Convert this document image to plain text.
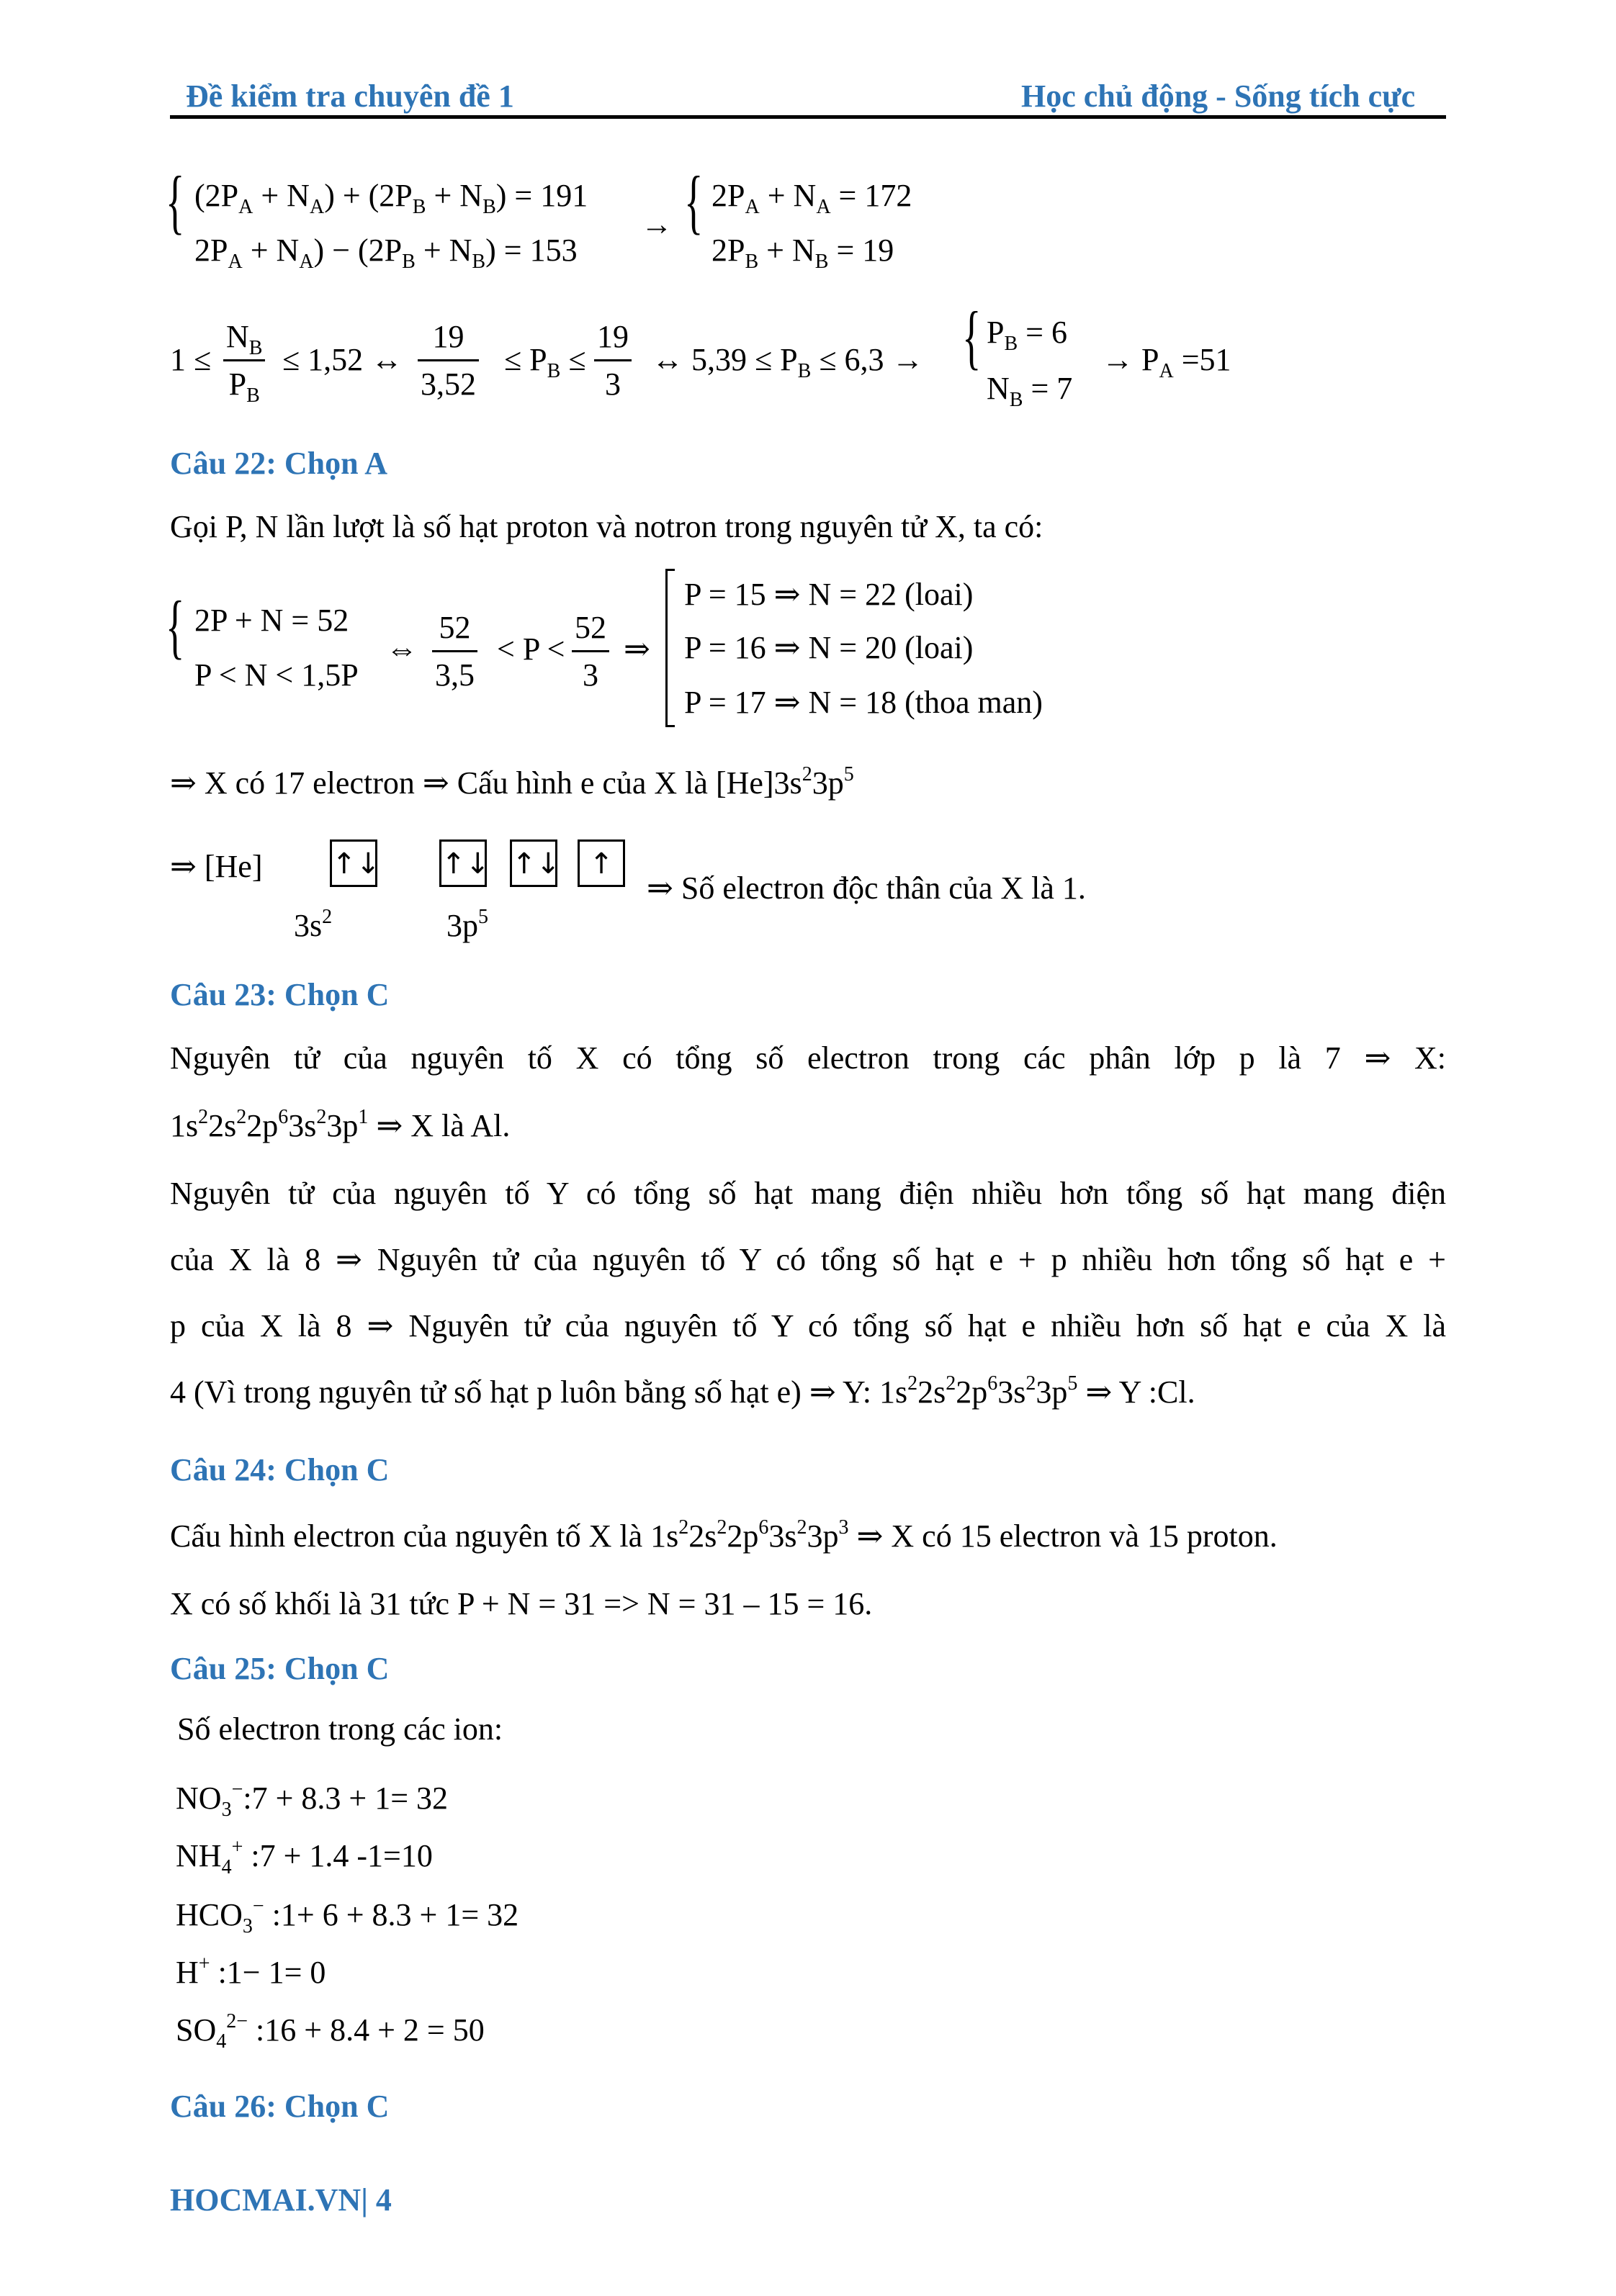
Đề kiểm tra chuyên đề 1	Học chủ động - Sống tích cực
{ $(2P_A + N_A) + (2P_B + N_B) = 191$
$2P_A + N_A) - (2P_B + N_B) = 153$
→ { $2P_A + N_A = 172$
$2P_B + N_B = 19$
1 ≤
$N_B$
$P_B$
≤ 1,52 ↔
19
3,52
≤ $P_B$ ≤
19
3
↔ $5,39 \le P_B \le 6,3$ → { $P_B = 6$
$N_B = 7$
→ $P_A =51$
Câu 22: Chọn A
Gọi P, N lần lượt là số hạt proton và notron trong nguyên tử X, ta có:
{ 2P + N = 52
P < N < 1,5P
⇔
52
3,5
< P <
52
3
⇒
P = 15 ⇒ N = 22 (loai)
P = 16 ⇒ N = 20 (loai)
P = 17 ⇒ N = 18 (thoa man)
⇒ X có 17 electron ⇒ Cấu hình e của X là $[He]3s^23p^5$
⇒ [He] ↑↓ ↑↓ ↑↓	↑
$3s^2$	$3p^5$
⇒ Số electron độc thân của X là 1.
Câu 23: Chọn C
Nguyên tử của nguyên tố X có tổng số electron trong các phân lớp p là 7 ⇒ X:
$1s^22s^22p^63s^23p^1$ ⇒ X là Al.
Nguyên tử của nguyên tố Y có tổng số hạt mang điện nhiều hơn tổng số hạt mang điện
của X là 8 ⇒ Nguyên tử của nguyên tố Y có tổng số hạt e + p nhiều hơn tổng số hạt e +
p của X là 8 ⇒ Nguyên tử của nguyên tố Y có tổng số hạt e nhiều hơn số hạt e của X là
4 (Vì trong nguyên tử số hạt p luôn bằng số hạt e) ⇒ Y: $1s^22s^22p^63s^23p^5$ ⇒ Y :Cl.
Câu 24: Chọn C
Cấu hình electron của nguyên tố X là $1s^22s^22p^63s^23p^3$ ⇒ X có 15 electron và 15 proton.
X có số khối là 31 tức P + N = 31 => N = 31 – 15 = 16.
Câu 25: Chọn C
Số electron trong các ion:
$NO_3^-:7 + 8.3 + 1= 32$
$NH_4^+$ :7 + 1.4 -1=10
$HCO_3^-$ :1+ 6 + 8.3 + 1= 32
H+ :1− 1= 0
$SO_4^{2-}$ :16 + 8.4 + 2 = 50
Câu 26: Chọn C
HOCMAI.VN| 4
